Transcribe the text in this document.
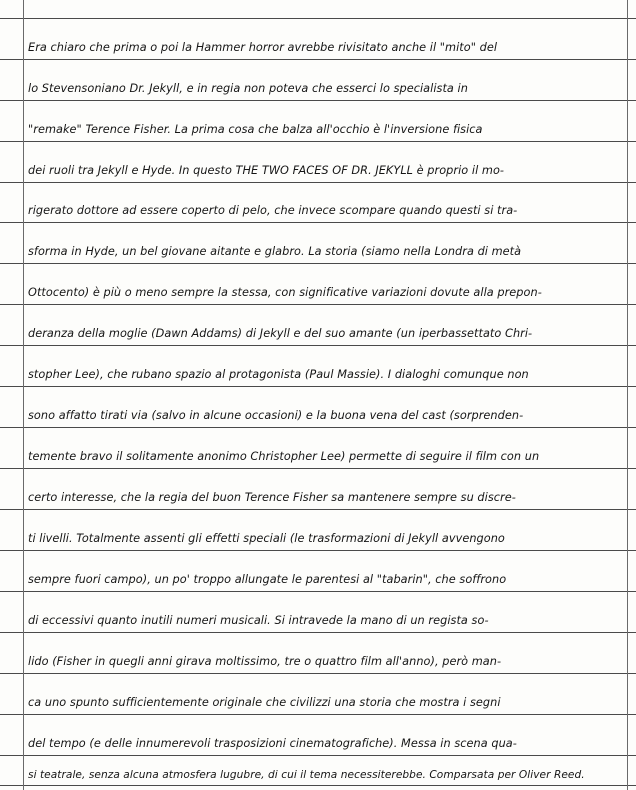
Era chiaro che prima o poi la Hammer horror avrebbe rivisitato anche il "mito" del
lo Stevensoniano Dr. Jekyll, e in regia non poteva che esserci lo specialista in
"remake" Terence Fisher. La prima cosa che balza all'occhio è l'inversione fisica
dei ruoli tra Jekyll e Hyde. In questo THE TWO FACES OF DR. JEKYLL è proprio il mo-
rigerato dottore ad essere coperto di pelo, che invece scompare quando questi si tra-
sforma in Hyde, un bel giovane aitante e glabro. La storia (siamo nella Londra di metà
Ottocento) è più o meno sempre la stessa, con significative variazioni dovute alla prepon-
deranza della moglie (Dawn Addams) di Jekyll e del suo amante (un iperbassettato Chri-
stopher Lee), che rubano spazio al protagonista (Paul Massie). I dialoghi comunque non
sono affatto tirati via (salvo in alcune occasioni) e la buona vena del cast (sorprenden-
temente bravo il solitamente anonimo Christopher Lee) permette di seguire il film con un
certo interesse, che la regia del buon Terence Fisher sa mantenere sempre su discre-
ti livelli. Totalmente assenti gli effetti speciali (le trasformazioni di Jekyll avvengono
sempre fuori campo), un po' troppo allungate le parentesi al "tabarin", che soffrono
di eccessivi quanto inutili numeri musicali. Si intravede la mano di un regista so-
lido (Fisher in quegli anni girava moltissimo, tre o quattro film all'anno), però man-
ca uno spunto sufficientemente originale che civilizzi una storia che mostra i segni
del tempo (e delle innumerevoli trasposizioni cinematografiche). Messa in scena qua-
si teatrale, senza alcuna atmosfera lugubre, di cui il tema necessiterebbe. Comparsata per Oliver Reed.
